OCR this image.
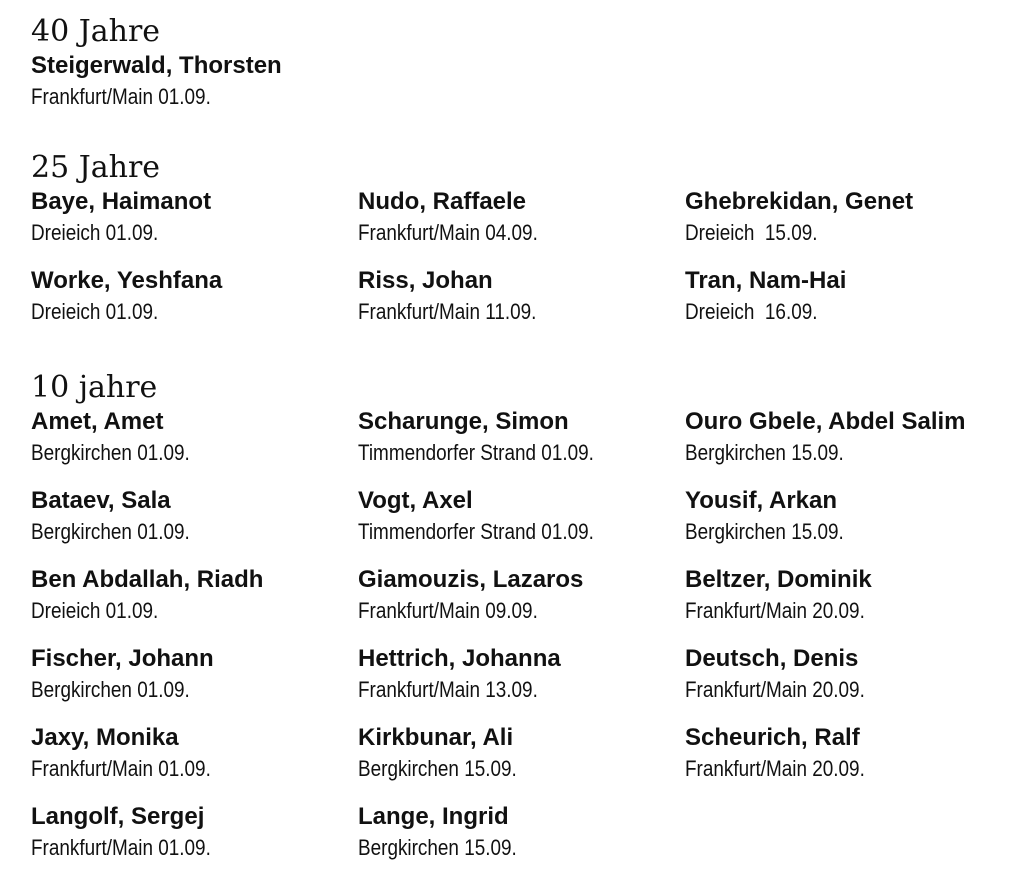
40 Jahre
Steigerwald, Thorsten
Frankfurt/Main 01.09.
25 Jahre
Baye, Haimanot
Dreieich 01.09.
Nudo, Raffaele
Frankfurt/Main 04.09.
Ghebrekidan, Genet
Dreieich  15.09.
Worke, Yeshfana
Dreieich 01.09.
Riss, Johan
Frankfurt/Main 11.09.
Tran, Nam-Hai
Dreieich  16.09.
10 jahre
Amet, Amet
Bergkirchen 01.09.
Scharunge, Simon
Timmendorfer Strand 01.09.
Ouro Gbele, Abdel Salim
Bergkirchen 15.09.
Bataev, Sala
Bergkirchen 01.09.
Vogt, Axel
Timmendorfer Strand 01.09.
Yousif, Arkan
Bergkirchen 15.09.
Ben Abdallah, Riadh
Dreieich 01.09.
Giamouzis, Lazaros
Frankfurt/Main 09.09.
Beltzer, Dominik
Frankfurt/Main 20.09.
Fischer, Johann
Bergkirchen 01.09.
Hettrich, Johanna
Frankfurt/Main 13.09.
Deutsch, Denis
Frankfurt/Main 20.09.
Jaxy, Monika
Frankfurt/Main 01.09.
Kirkbunar, Ali
Bergkirchen 15.09.
Scheurich, Ralf
Frankfurt/Main 20.09.
Langolf, Sergej
Frankfurt/Main 01.09.
Lange, Ingrid
Bergkirchen 15.09.
